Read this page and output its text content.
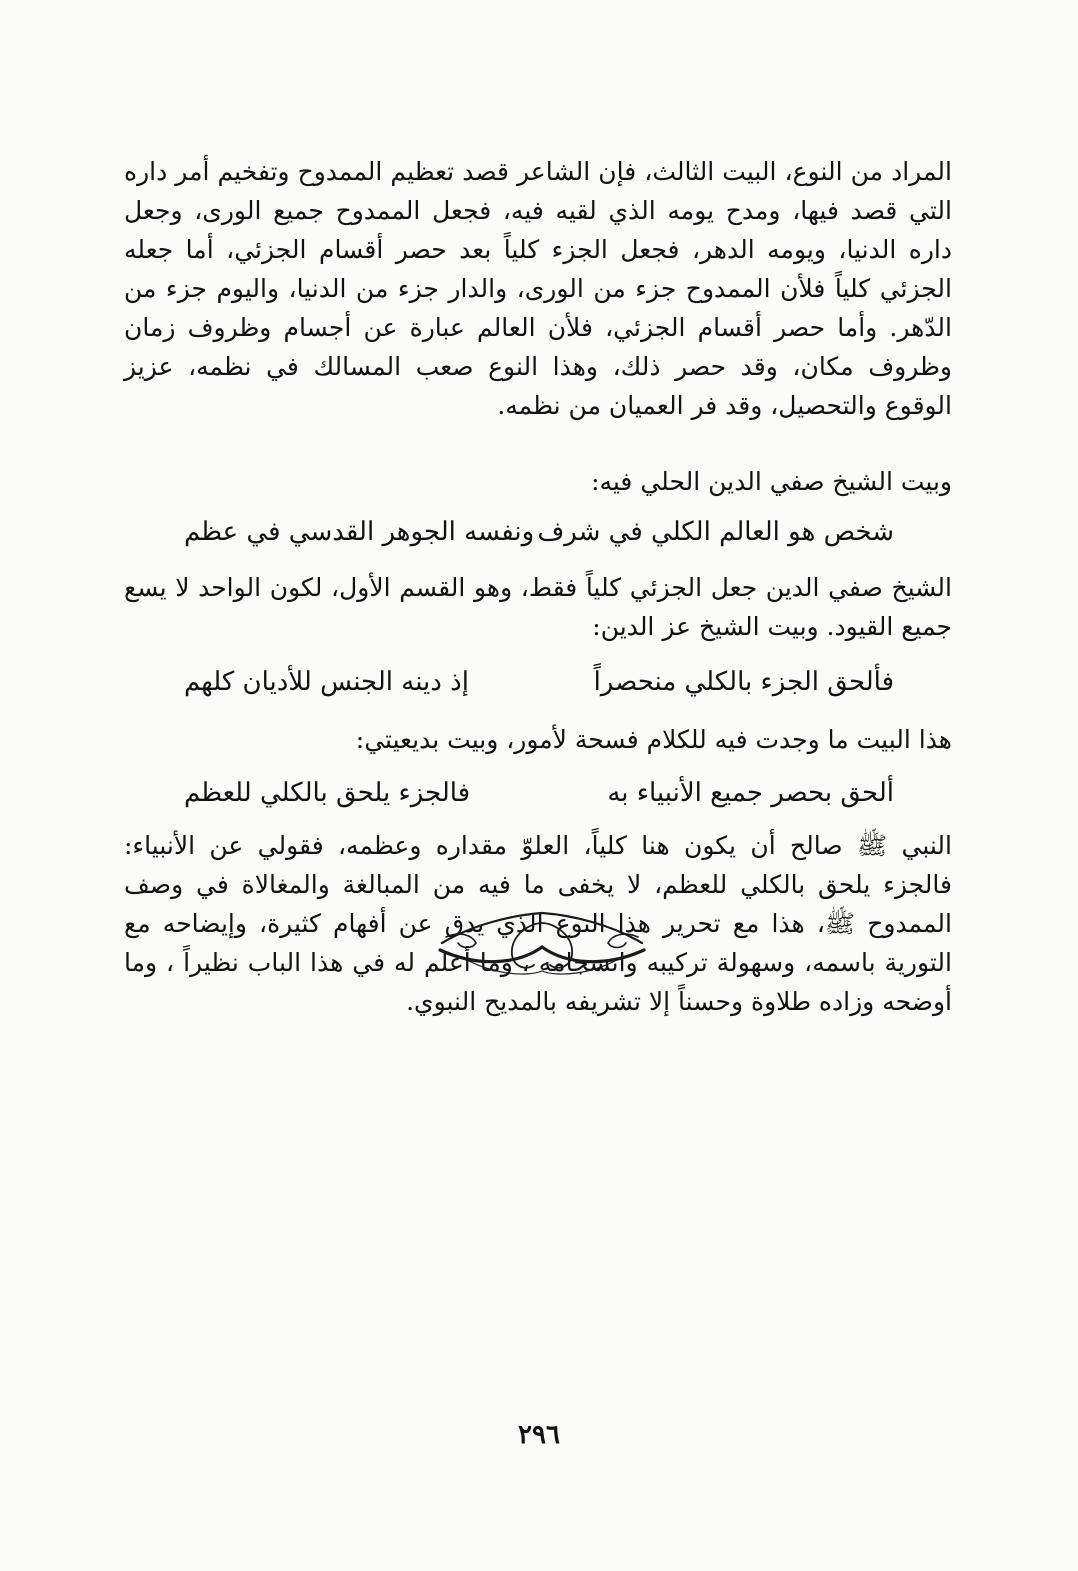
المراد من النوع، البيت الثالث، فإن الشاعر قصد تعظيم الممدوح وتفخيم أمر داره التي قصد فيها، ومدح يومه الذي لقيه فيه، فجعل الممدوح جميع الورى، وجعل داره الدنيا، ويومه الدهر، فجعل الجزء كلياً بعد حصر أقسام الجزئي، أما جعله الجزئي كلياً فلأن الممدوح جزء من الورى، والدار جزء من الدنيا، واليوم جزء من الدّهر. وأما حصر أقسام الجزئي، فلأن العالم عبارة عن أجسام وظروف زمان وظروف مكان، وقد حصر ذلك، وهذا النوع صعب المسالك في نظمه، عزيز الوقوع والتحصيل، وقد فر العميان من نظمه.

وبيت الشيخ صفي الدين الحلي فيه:

شخص هو العالم الكلي في شرف
ونفسه الجوهر القدسي في عظم

الشيخ صفي الدين جعل الجزئي كلياً فقط، وهو القسم الأول، لكون الواحد لا يسع جميع القيود. وبيت الشيخ عز الدين:

فألحق الجزء بالكلي منحصراً
إذ دينه الجنس للأديان كلهم

هذا البيت ما وجدت فيه للكلام فسحة لأمور، وبيت بديعيتي:

ألحق بحصر جميع الأنبياء به
فالجزء يلحق بالكلي للعظم

النبي ﷺ صالح أن يكون هنا كلياً، العلوّ مقداره وعظمه، فقولي عن الأنبياء: فالجزء يلحق بالكلي للعظم، لا يخفى ما فيه من المبالغة والمغالاة في وصف الممدوح ﷺ، هذا مع تحرير هذا النوع الذي يدق عن أفهام كثيرة، وإيضاحه مع التورية باسمه، وسهولة تركيبه وانسجامه ، وما أعلم له في هذا الباب نظيراً ، وما أوضحه وزاده طلاوة وحسناً إلا تشريفه بالمديح النبوي.

٢٩٦
